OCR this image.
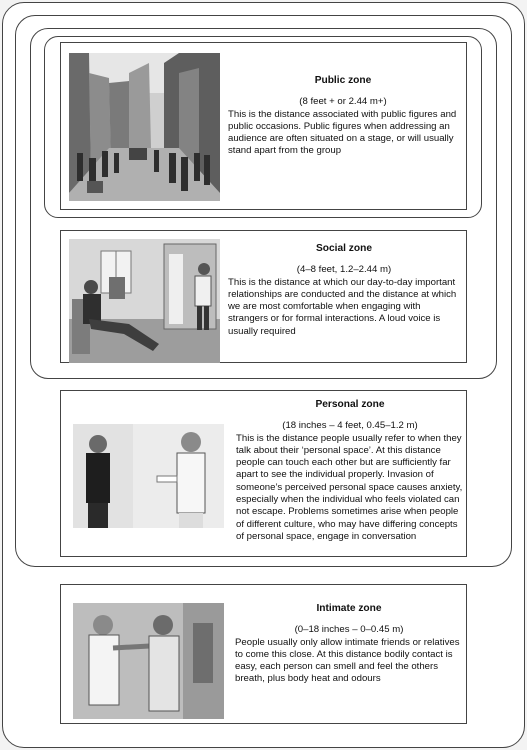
Public zone
(8 feet + or 2.44 m+)
This is the distance associated with public figures and public occasions. Public figures when addressing an audience are often situated on a stage, or will usually stand apart from the group
Social zone
(4–8 feet, 1.2–2.44 m)
This is the distance at which our day-to-day important relationships are conducted and the distance at which we are most comfortable when engaging with strangers or for formal interactions. A loud voice is usually required
Personal zone
(18 inches – 4 feet, 0.45–1.2 m)
This is the distance people usually refer to when they talk about their ‘personal space’. At this distance people can touch each other but are sufficiently far apart to see the individual properly. Invasion of someone’s perceived personal space causes anxiety, especially when the individual who feels violated can not escape. Problems sometimes arise when people of different culture, who may have differing concepts of personal space, engage in conversation
Intimate zone
(0–18 inches – 0–0.45 m)
People usually only allow intimate friends or relatives to come this close. At this distance bodily contact is easy, each person can smell and feel the others breath, plus body heat and odours
